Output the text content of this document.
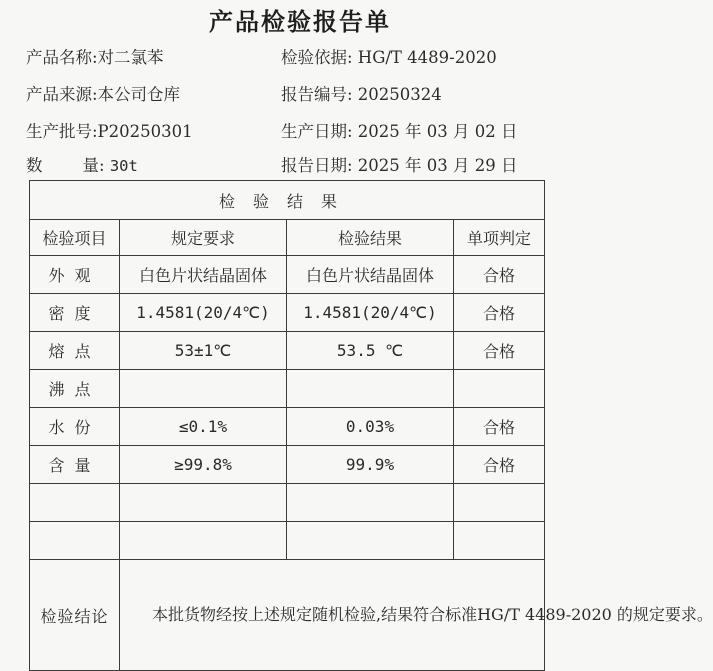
产品检验报告单
产品名称:对二氯苯	检验依据: HG/T 4489-2020
产品来源:本公司仓库	报告编号: 20250324
生产批号:P20250301	生产日期: 2025 年 03 月 02 日
数 量: 30t	报告日期: 2025 年 03 月 29 日
检验结果			
检验项目	规定要求	检验结果	单项判定
外观	白色片状结晶固体	白色片状结晶固体	合格
密度	1.4581(20/4℃)	1.4581(20/4℃)	合格
熔点	53±1℃	53.5 ℃	合格
沸点			
水份	≤0.1%	0.03%	合格
含量	≥99.8%	99.9%	合格

检验结论	本批货物经按上述规定随机检验,结果符合标准HG/T 4489-2020 的规定要求。		
